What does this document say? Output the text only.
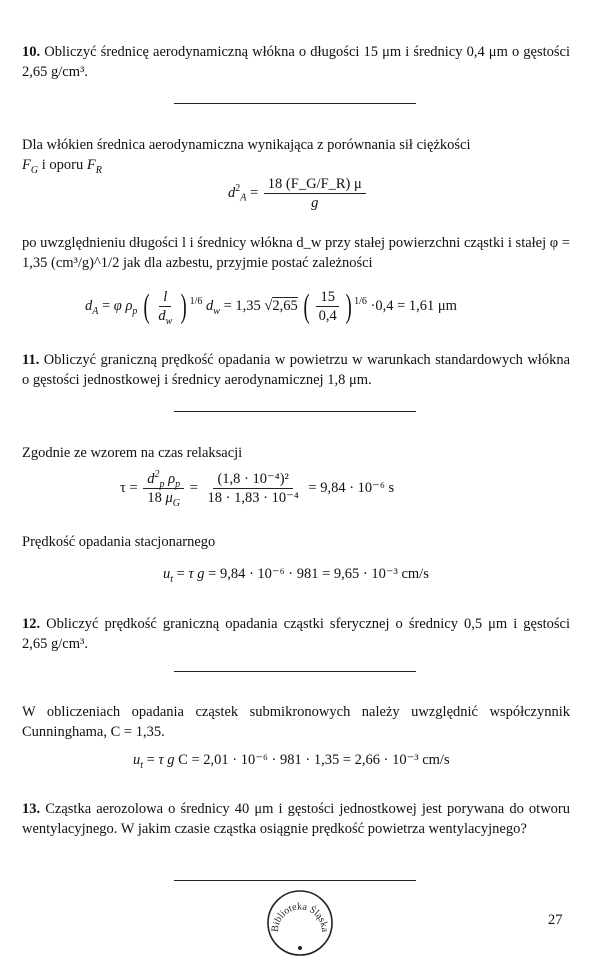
10. Obliczyć średnicę aerodynamiczną włókna o długości 15 μm i średnicy 0,4 μm o gęstości 2,65 g/cm³.
Dla włókien średnica aerodynamiczna wynikająca z porównania sił ciężkości
$F_G$ i oporu $F_R$
$d^2_A = \frac{18 (F\_G/F\_R) \mu}{g}$
po uwzględnieniu długości l i średnicy włókna d_w przy stałej powierzchni cząstki i stałej φ = 1,35 (cm³/g)^1/2 jak dla azbestu, przyjmie postać zależności
$d_A = \varphi$ $\rho_p$ ( $\frac{l}{d_w}$ ) $^{1/6}$ $d_w = 1,35$ √2,65 ( $\frac{15}{0,4}$ ) $^{1/6}$ ·0,4 = 1,61 μm
11. Obliczyć graniczną prędkość opadania w powietrzu w warunkach standardowych włókna o gęstości jednostkowej i średnicy aerodynamicznej 1,8 μm.
Zgodnie ze wzorem na czas relaksacji
$\tau = \frac{d^2_p \rho_p}{18 \mu_G} = \frac{\text{(1,8 · 10⁻⁴)²}}{\text{18 · 1,83 · 10⁻⁴}} = 9,84 \cdot 10^{-6}$ s
Prędkość opadania stacjonarnego
$u_t = \tau$ g = 9,84 · 10⁻⁶ · 981 = 9,65 · 10⁻³ cm/s
12. Obliczyć prędkość graniczną opadania cząstki sferycznej o średnicy 0,5 μm i gęstości 2,65 g/cm³.
W obliczeniach opadania cząstek submikronowych należy uwzględnić współczynnik Cunninghama, C = 1,35.
$u_t = \tau$ g C = 2,01 · 10⁻⁶ · 981 · 1,35 = 2,66 · 10⁻³ cm/s
13. Cząstka aerozolowa o średnicy 40 μm i gęstości jednostkowej jest porywana do otworu wentylacyjnego. W jakim czasie cząstka osiągnie prędkość powietrza wentylacyjnego?
Biblioteka Śląska
27
